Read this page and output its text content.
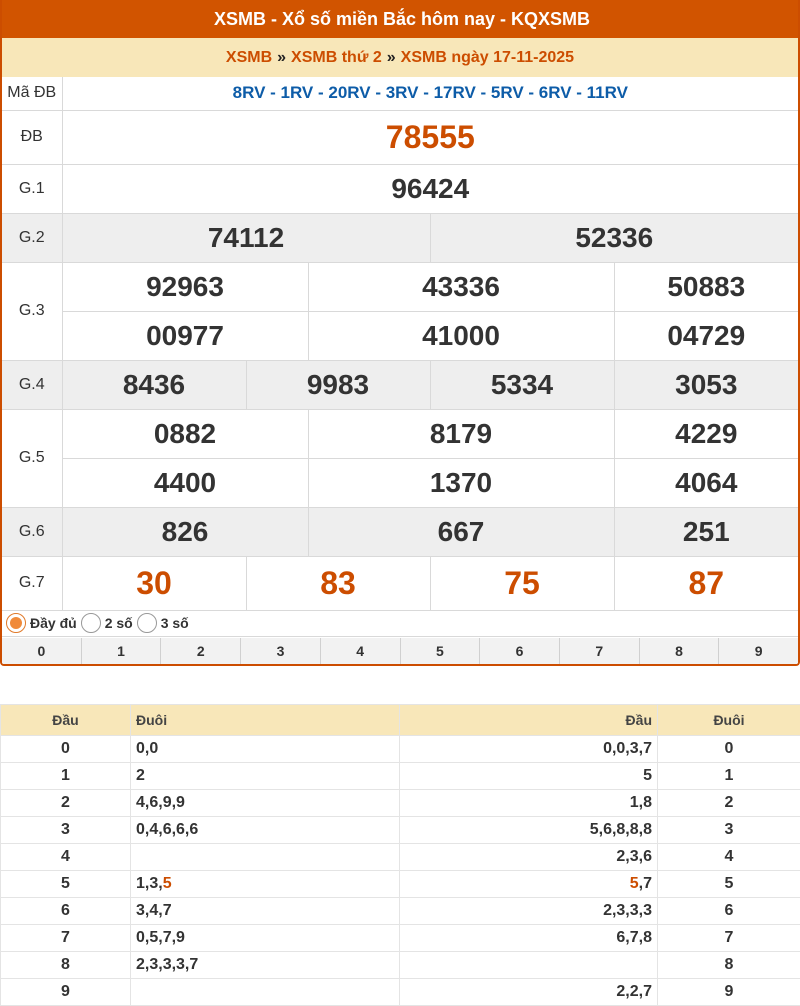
XSMB - Xổ số miền Bắc hôm nay - KQXSMB
XSMB » XSMB thứ 2 » XSMB ngày 17-11-2025
Mã ĐB	8RV - 1RV - 20RV - 3RV - 17RV - 5RV - 6RV - 11RV				
ĐB	78555				
G.1	96424				
G.2	74112			52336	
G.3	92963		43336		50883
	00977		41000		04729
G.4	8436	9983		5334	3053
G.5	0882		8179		4229
	4400		1370		4064
G.6	826		667		251
G.7	30	83		75	87
Đầy đủ 2 số 3 số
0	1	2	3	4	5	6	7	8	9
Đầu	Đuôi	Đầu	Đuôi
0	0,0	0,0,3,7	0
1	2	5	1
2	4,6,9,9	1,8	2
3	0,4,6,6,6	5,6,8,8,8	3
4		2,3,6	4
5	1,3,5	5,7	5
6	3,4,7	2,3,3,3	6
7	0,5,7,9	6,7,8	7
8	2,3,3,3,7		8
9		2,2,7	9
